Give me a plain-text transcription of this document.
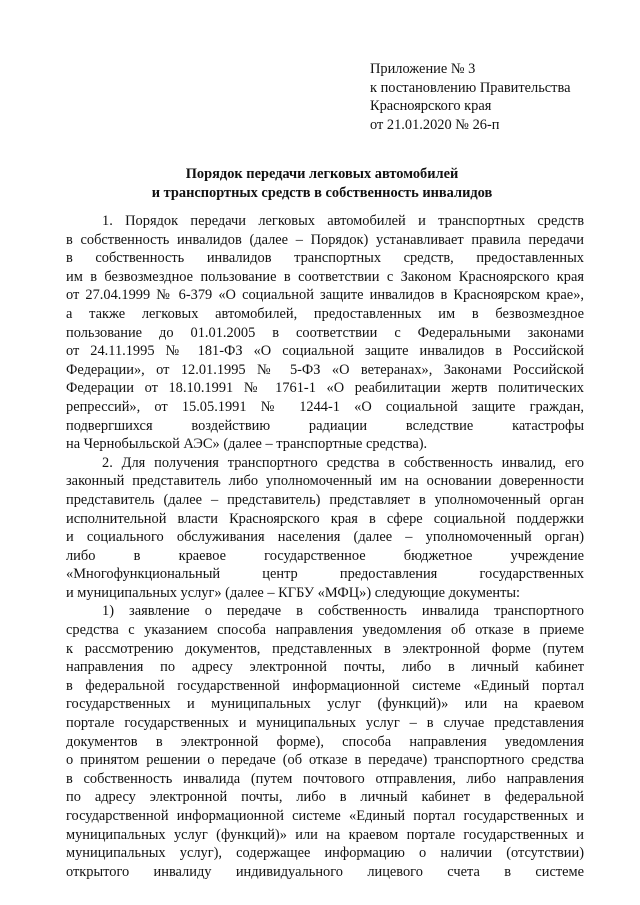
Приложение № 3
к постановлению Правительства
Красноярского края
от 21.01.2020 № 26-п
Порядок передачи легковых автомобилей
и транспортных средств в собственность инвалидов
1. Порядок передачи легковых автомобилей и транспортных средств
в собственность инвалидов (далее – Порядок) устанавливает правила передачи
в собственность инвалидов транспортных средств, предоставленных
им в безвозмездное пользование в соответствии с Законом Красноярского края
от 27.04.1999 № 6-379 «О социальной защите инвалидов в Красноярском крае»,
а также легковых автомобилей, предоставленных им в безвозмездное
пользование до 01.01.2005 в соответствии с Федеральными законами
от 24.11.1995 № 181-ФЗ «О социальной защите инвалидов в Российской
Федерации», от 12.01.1995 № 5-ФЗ «О ветеранах», Законами Российской
Федерации от 18.10.1991 № 1761-1 «О реабилитации жертв политических
репрессий», от 15.05.1991 № 1244-1 «О социальной защите граждан,
подвергшихся воздействию радиации вследствие катастрофы
на Чернобыльской АЭС» (далее – транспортные средства).
2. Для получения транспортного средства в собственность инвалид, его
законный представитель либо уполномоченный им на основании доверенности
представитель (далее – представитель) представляет в уполномоченный орган
исполнительной власти Красноярского края в сфере социальной поддержки
и социального обслуживания населения (далее – уполномоченный орган)
либо в краевое государственное бюджетное учреждение
«Многофункциональный центр предоставления государственных
и муниципальных услуг» (далее – КГБУ «МФЦ») следующие документы:
1) заявление о передаче в собственность инвалида транспортного
средства с указанием способа направления уведомления об отказе в приеме
к рассмотрению документов, представленных в электронной форме (путем
направления по адресу электронной почты, либо в личный кабинет
в федеральной государственной информационной системе «Единый портал
государственных и муниципальных услуг (функций)» или на краевом
портале государственных и муниципальных услуг – в случае представления
документов в электронной форме), способа направления уведомления
о принятом решении о передаче (об отказе в передаче) транспортного средства
в собственность инвалида (путем почтового отправления, либо направления
по адресу электронной почты, либо в личный кабинет в федеральной
государственной информационной системе «Единый портал государственных и
муниципальных услуг (функций)» или на краевом портале государственных и
муниципальных услуг), содержащее информацию о наличии (отсутствии)
открытого инвалиду индивидуального лицевого счета в системе
